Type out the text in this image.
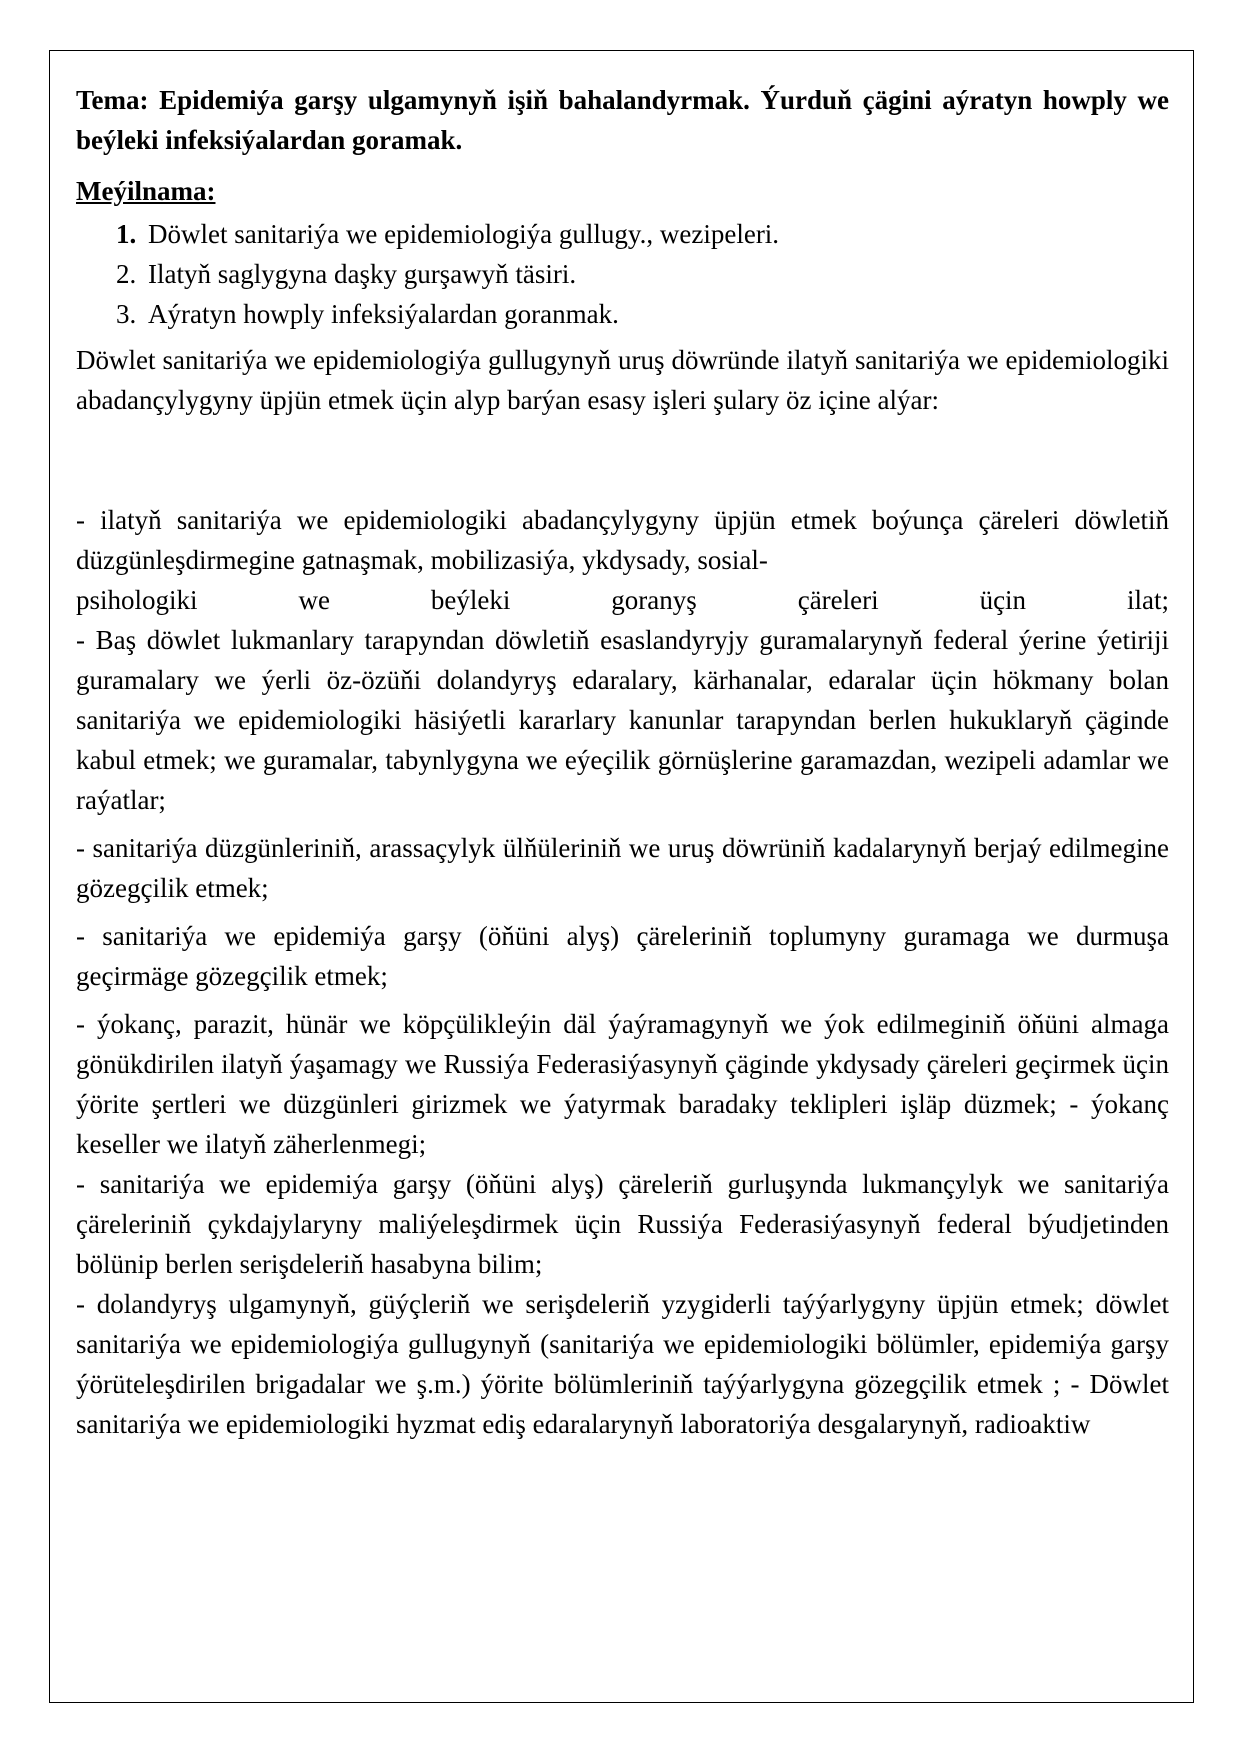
Tema: Epidemiýa garşy ulgamynyň işiň bahalandyrmak. Ýurduň çägini aýratyn howply we beýleki infeksiýalardan goramak.

Meýilnama:

1. Döwlet sanitariýa we epidemiologiýa gullugy., wezipeleri.
2. Ilatyň saglygyna daşky gurşawyň täsiri.
3. Aýratyn howply infeksiýalardan goranmak.

Döwlet sanitariýa we epidemiologiýa gullugynyň uruş döwründe ilatyň sanitariýa we epidemiologiki abadançylygyny üpjün etmek üçin alyp barýan esasy işleri şulary öz içine alýar:

- ilatyň sanitariýa we epidemiologiki abadançylygyny üpjün etmek boýunça çäreleri döwletiň düzgünleşdirmegine gatnaşmak, mobilizasiýa, ykdysady, sosial-

psihologiki we beýleki goranyş çäreleri üçin ilat;

- Baş döwlet lukmanlary tarapyndan döwletiň esaslandyryjy guramalarynyň federal ýerine ýetiriji guramalary we ýerli öz-özüňi dolandyryş edaralary, kärhanalar, edaralar üçin hökmany bolan sanitariýa we epidemiologiki häsiýetli kararlary kanunlar tarapyndan berlen hukuklaryň çäginde kabul etmek; we guramalar, tabynlygyna we eýeçilik görnüşlerine garamazdan, wezipeli adamlar we raýatlar;

- sanitariýa düzgünleriniň, arassaçylyk ülňüleriniň we uruş döwrüniň kadalarynyň berjaý edilmegine gözegçilik etmek;

- sanitariýa we epidemiýa garşy (öňüni alyş) çäreleriniň toplumyny guramaga we durmuşa geçirmäge gözegçilik etmek;

- ýokanç, parazit, hünär we köpçülikleýin däl ýaýramagynyň we ýok edilmeginiň öňüni almaga gönükdirilen ilatyň ýaşamagy we Russiýa Federasiýasynyň çäginde ykdysady çäreleri geçirmek üçin ýörite şertleri we düzgünleri girizmek we ýatyrmak baradaky teklipleri işläp düzmek; - ýokanç keseller we ilatyň zäherlenmegi;

- sanitariýa we epidemiýa garşy (öňüni alyş) çäreleriň gurluşynda lukmançylyk we sanitariýa çäreleriniň çykdajylaryny maliýeleşdirmek üçin Russiýa Federasiýasynyň federal býudjetinden bölünip berlen serişdeleriň hasabyna bilim;

- dolandyryş ulgamynyň, güýçleriň we serişdeleriň yzygiderli taýýarlygyny üpjün etmek; döwlet sanitariýa we epidemiologiýa gullugynyň (sanitariýa we epidemiologiki bölümler, epidemiýa garşy ýörüteleşdirilen brigadalar we ş.m.) ýörite bölümleriniň taýýarlygyna gözegçilik etmek ; - Döwlet sanitariýa we epidemiologiki hyzmat ediş edaralarynyň laboratoriýa desgalarynyň, radioaktiw
